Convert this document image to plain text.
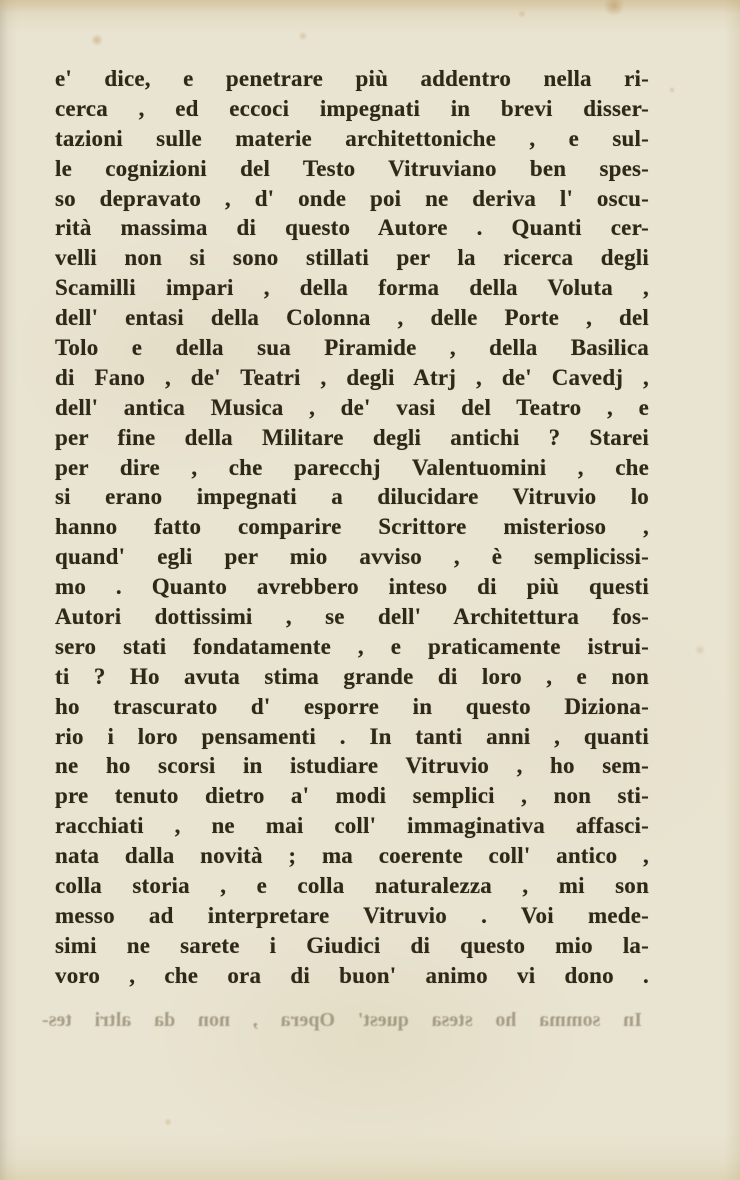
e' dice, e penetrare più addentro nella ri-
cerca , ed eccoci impegnati in brevi disser-
tazioni sulle materie architettoniche , e sul-
le cognizioni del Testo Vitruviano ben spes-
so depravato , d' onde poi ne deriva l' oscu-
rità massima di questo Autore . Quanti cer-
velli non si sono stillati per la ricerca degli
Scamilli impari , della forma della Voluta ,
dell' entasi della Colonna , delle Porte , del
Tolo e della sua Piramide , della Basilica
di Fano , de' Teatri , degli Atrj , de' Cavedj ,
dell' antica Musica , de' vasi del Teatro , e
per fine della Militare degli antichi ? Starei
per dire , che parecchj Valentuomini , che
si erano impegnati a dilucidare Vitruvio lo
hanno fatto comparire Scrittore misterioso ,
quand' egli per mio avviso , è semplicissi-
mo . Quanto avrebbero inteso di più questi
Autori dottissimi , se dell' Architettura fos-
sero stati fondatamente , e praticamente istrui-
ti ? Ho avuta stima grande di loro , e non
ho trascurato d' esporre in questo Diziona-
rio i loro pensamenti . In tanti anni , quanti
ne ho scorsi in istudiare Vitruvio , ho sem-
pre tenuto dietro a' modi semplici , non sti-
racchiati , ne mai coll' immaginativa affasci-
nata dalla novità ; ma coerente coll' antico ,
colla storia , e colla naturalezza , mi son
messo ad interpretare Vitruvio . Voi mede-
simi ne sarete i Giudici di questo mio la-
voro , che ora di buon' animo vi dono .
In somma ho stesa quest' Opera , non da altri tes-
